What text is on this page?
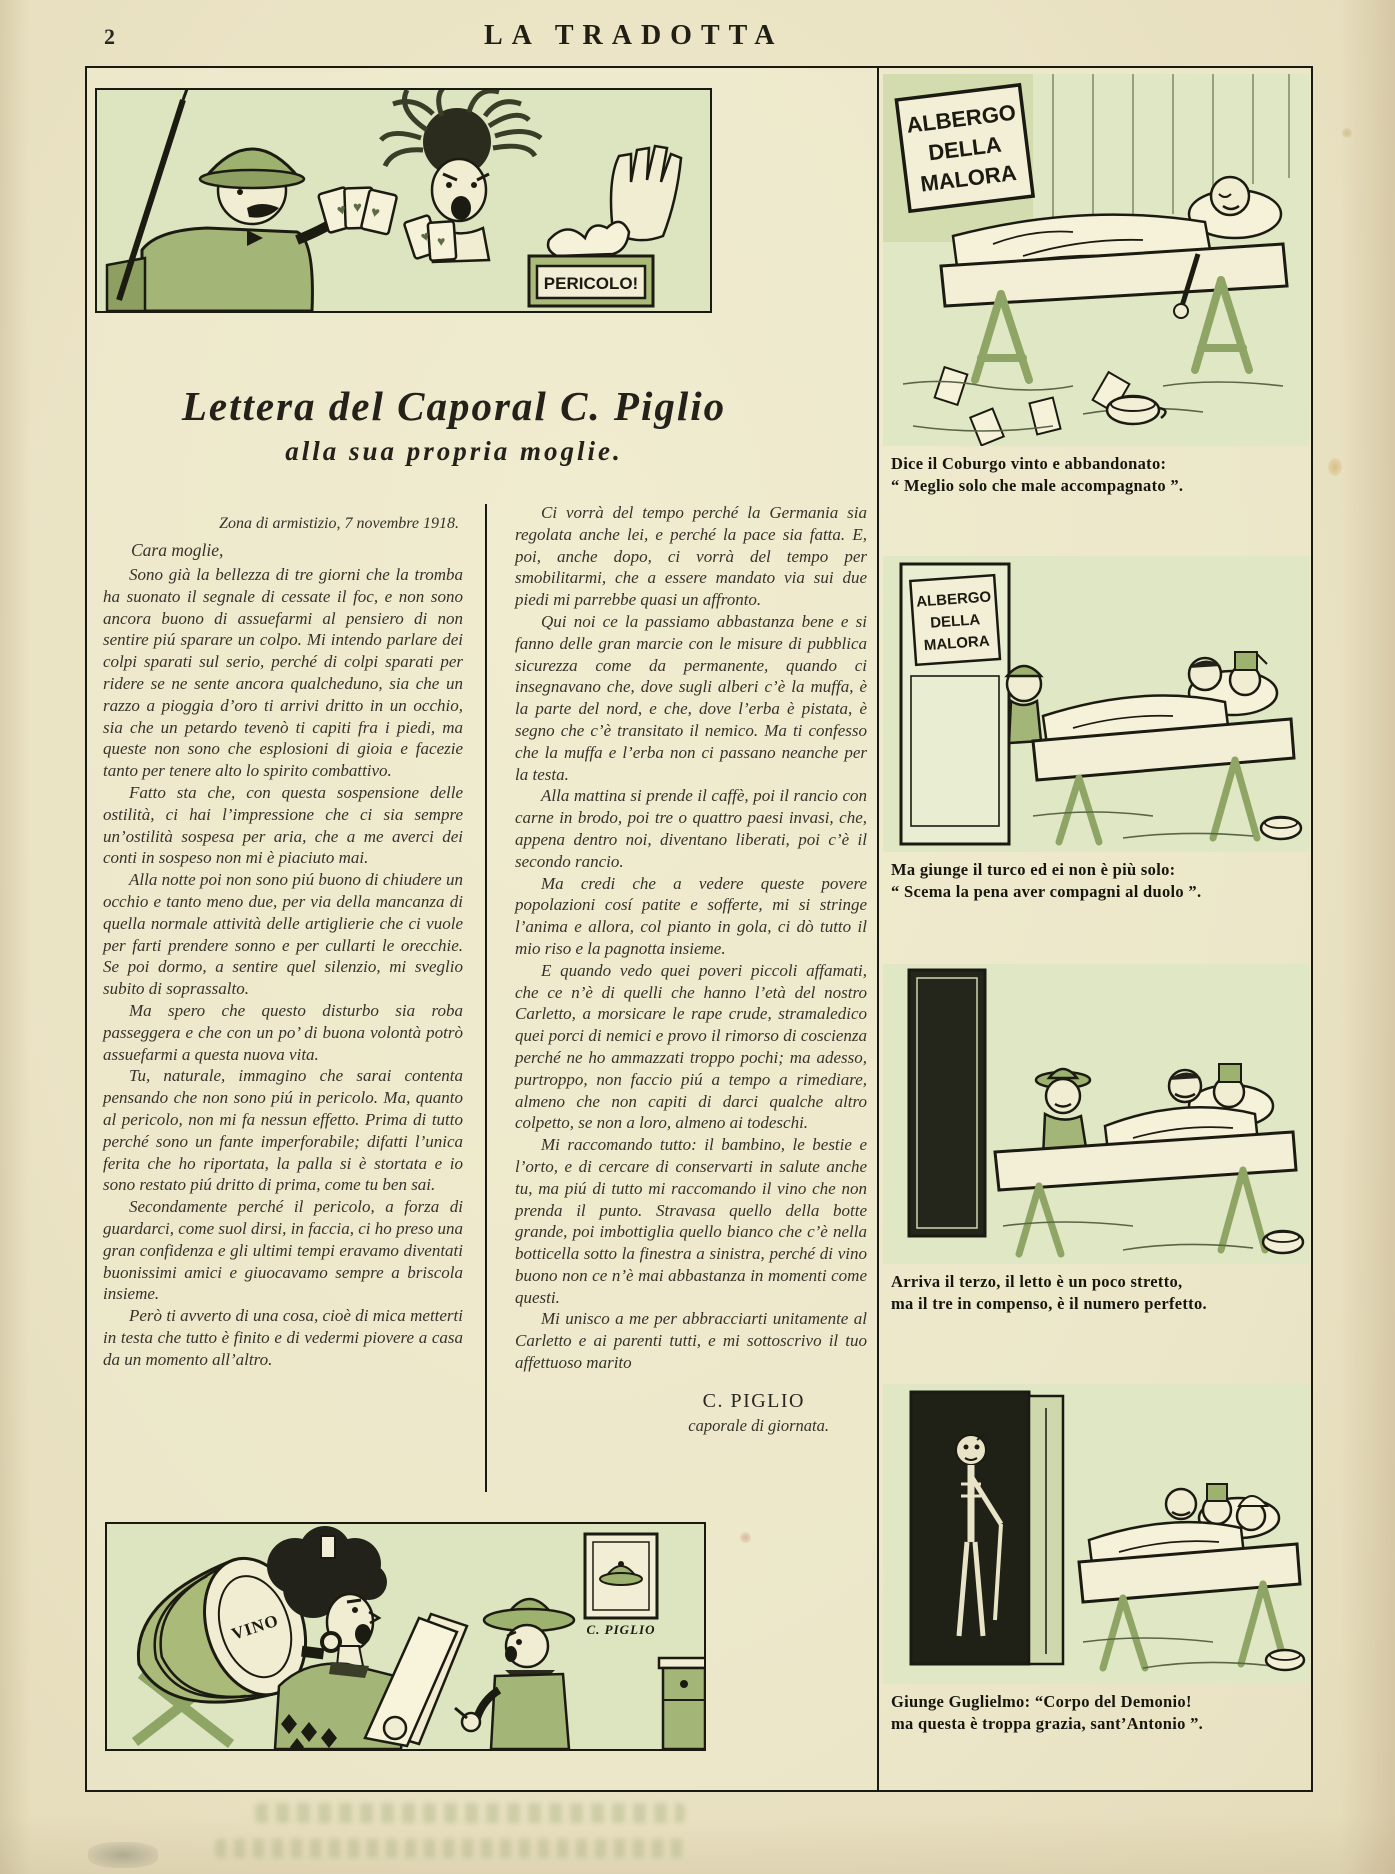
2	LA TRADOTTA
♥ ♥ ♥
♥ ♥
PERICOLO!
Lettera del Caporal C. Piglio
alla sua propria moglie.
Zona di armistizio, 7 novembre 1918.
Cara moglie,

Sono già la bellezza di tre giorni che la tromba ha suonato il segnale di cessate il foc, e non sono ancora buono di assuefarmi al pensiero di non sentire piú sparare un colpo. Mi intendo parlare dei colpi sparati sul serio, perché di colpi sparati per ridere se ne sente ancora qualcheduno, sia che un razzo a pioggia d’oro ti arrivi dritto in un occhio, sia che un petardo tevenò ti capiti fra i piedi, ma queste non sono che esplosioni di gioia e facezie tanto per tenere alto lo spirito combattivo.

Fatto sta che, con questa sospensione delle ostilità, ci hai l’impressione che ci sia sempre un’ostilità sospesa per aria, che a me averci dei conti in sospeso non mi è piaciuto mai.

Alla notte poi non sono piú buono di chiudere un occhio e tanto meno due, per via della mancanza di quella normale attività delle artiglierie che ci vuole per farti prendere sonno e per cullarti le orecchie. Se poi dormo, a sentire quel silenzio, mi sveglio subito di soprassalto.

Ma spero che questo disturbo sia roba passeggera e che con un po’ di buona volontà potrò assuefarmi a questa nuova vita.

Tu, naturale, immagino che sarai contenta pensando che non sono piú in pericolo. Ma, quanto al pericolo, non mi fa nessun effetto. Prima di tutto perché sono un fante imperforabile; difatti l’unica ferita che ho riportata, la palla si è stortata e io sono restato piú dritto di prima, come tu ben sai.

Secondamente perché il pericolo, a forza di guardarci, come suol dirsi, in faccia, ci ho preso una gran confidenza e gli ultimi tempi eravamo diventati buonissimi amici e giuocavamo sempre a briscola insieme.

Però ti avverto di una cosa, cioè di mica metterti in testa che tutto è finito e di vedermi piovere a casa da un momento all’altro.

Ci vorrà del tempo perché la Germania sia regolata anche lei, e perché la pace sia fatta. E, poi, anche dopo, ci vorrà del tempo per smobilitarmi, che a essere mandato via sui due piedi mi parrebbe quasi un affronto.

Qui noi ce la passiamo abbastanza bene e si fanno delle gran marcie con le misure di pubblica sicurezza come da permanente, quando ci insegnavano che, dove sugli alberi c’è la muffa, è la parte del nord, e che, dove l’erba è pistata, è segno che c’è transitato il nemico. Ma ti confesso che la muffa e l’erba non ci passano neanche per la testa.

Alla mattina si prende il caffè, poi il rancio con carne in brodo, poi tre o quattro paesi invasi, che, appena dentro noi, diventano liberati, poi c’è il secondo rancio.

Ma credi che a vedere queste povere popolazioni cosí patite e sofferte, mi si stringe l’anima e allora, col pianto in gola, ci dò tutto il mio riso e la pagnotta insieme.

E quando vedo quei poveri piccoli affamati, che ce n’è di quelli che hanno l’età del nostro Carletto, a morsicare le rape crude, stramaledico quei porci di nemici e provo il rimorso di coscienza perché ne ho ammazzati troppo pochi; ma adesso, purtroppo, non faccio piú a tempo a rimediare, almeno che non capiti di darci qualche altro colpetto, se non a loro, almeno ai todeschi.

Mi raccomando tutto: il bambino, le bestie e l’orto, e di cercare di conservarti in salute anche tu, ma piú di tutto mi raccomando il vino che non prenda il punto. Stravasa quello della botte grande, poi imbottiglia quello bianco che c’è nella botticella sotto la finestra a sinistra, perché di vino buono non ce n’è mai abbastanza in momenti come questi.

Mi unisco a me per abbracciarti unitamente al Carletto e ai parenti tutti, e mi sottoscrivo il tuo affettuoso marito

C. PIGLIO
caporale di giornata.
VINO	C. PIGLIO
ALBERGO
DELLA
MALORA
Dice il Coburgo vinto e abbandonato:
“ Meglio solo che male accompagnato ”.
ALBERGO
DELLA
MALORA
Ma giunge il turco ed ei non è più solo:
“ Scema la pena aver compagni al duolo ”.
Arriva il terzo, il letto è un poco stretto,
ma il tre in compenso, è il numero perfetto.
Giunge Guglielmo: “Corpo del Demonio!
ma questa è troppa grazia, sant’Antonio ”.
